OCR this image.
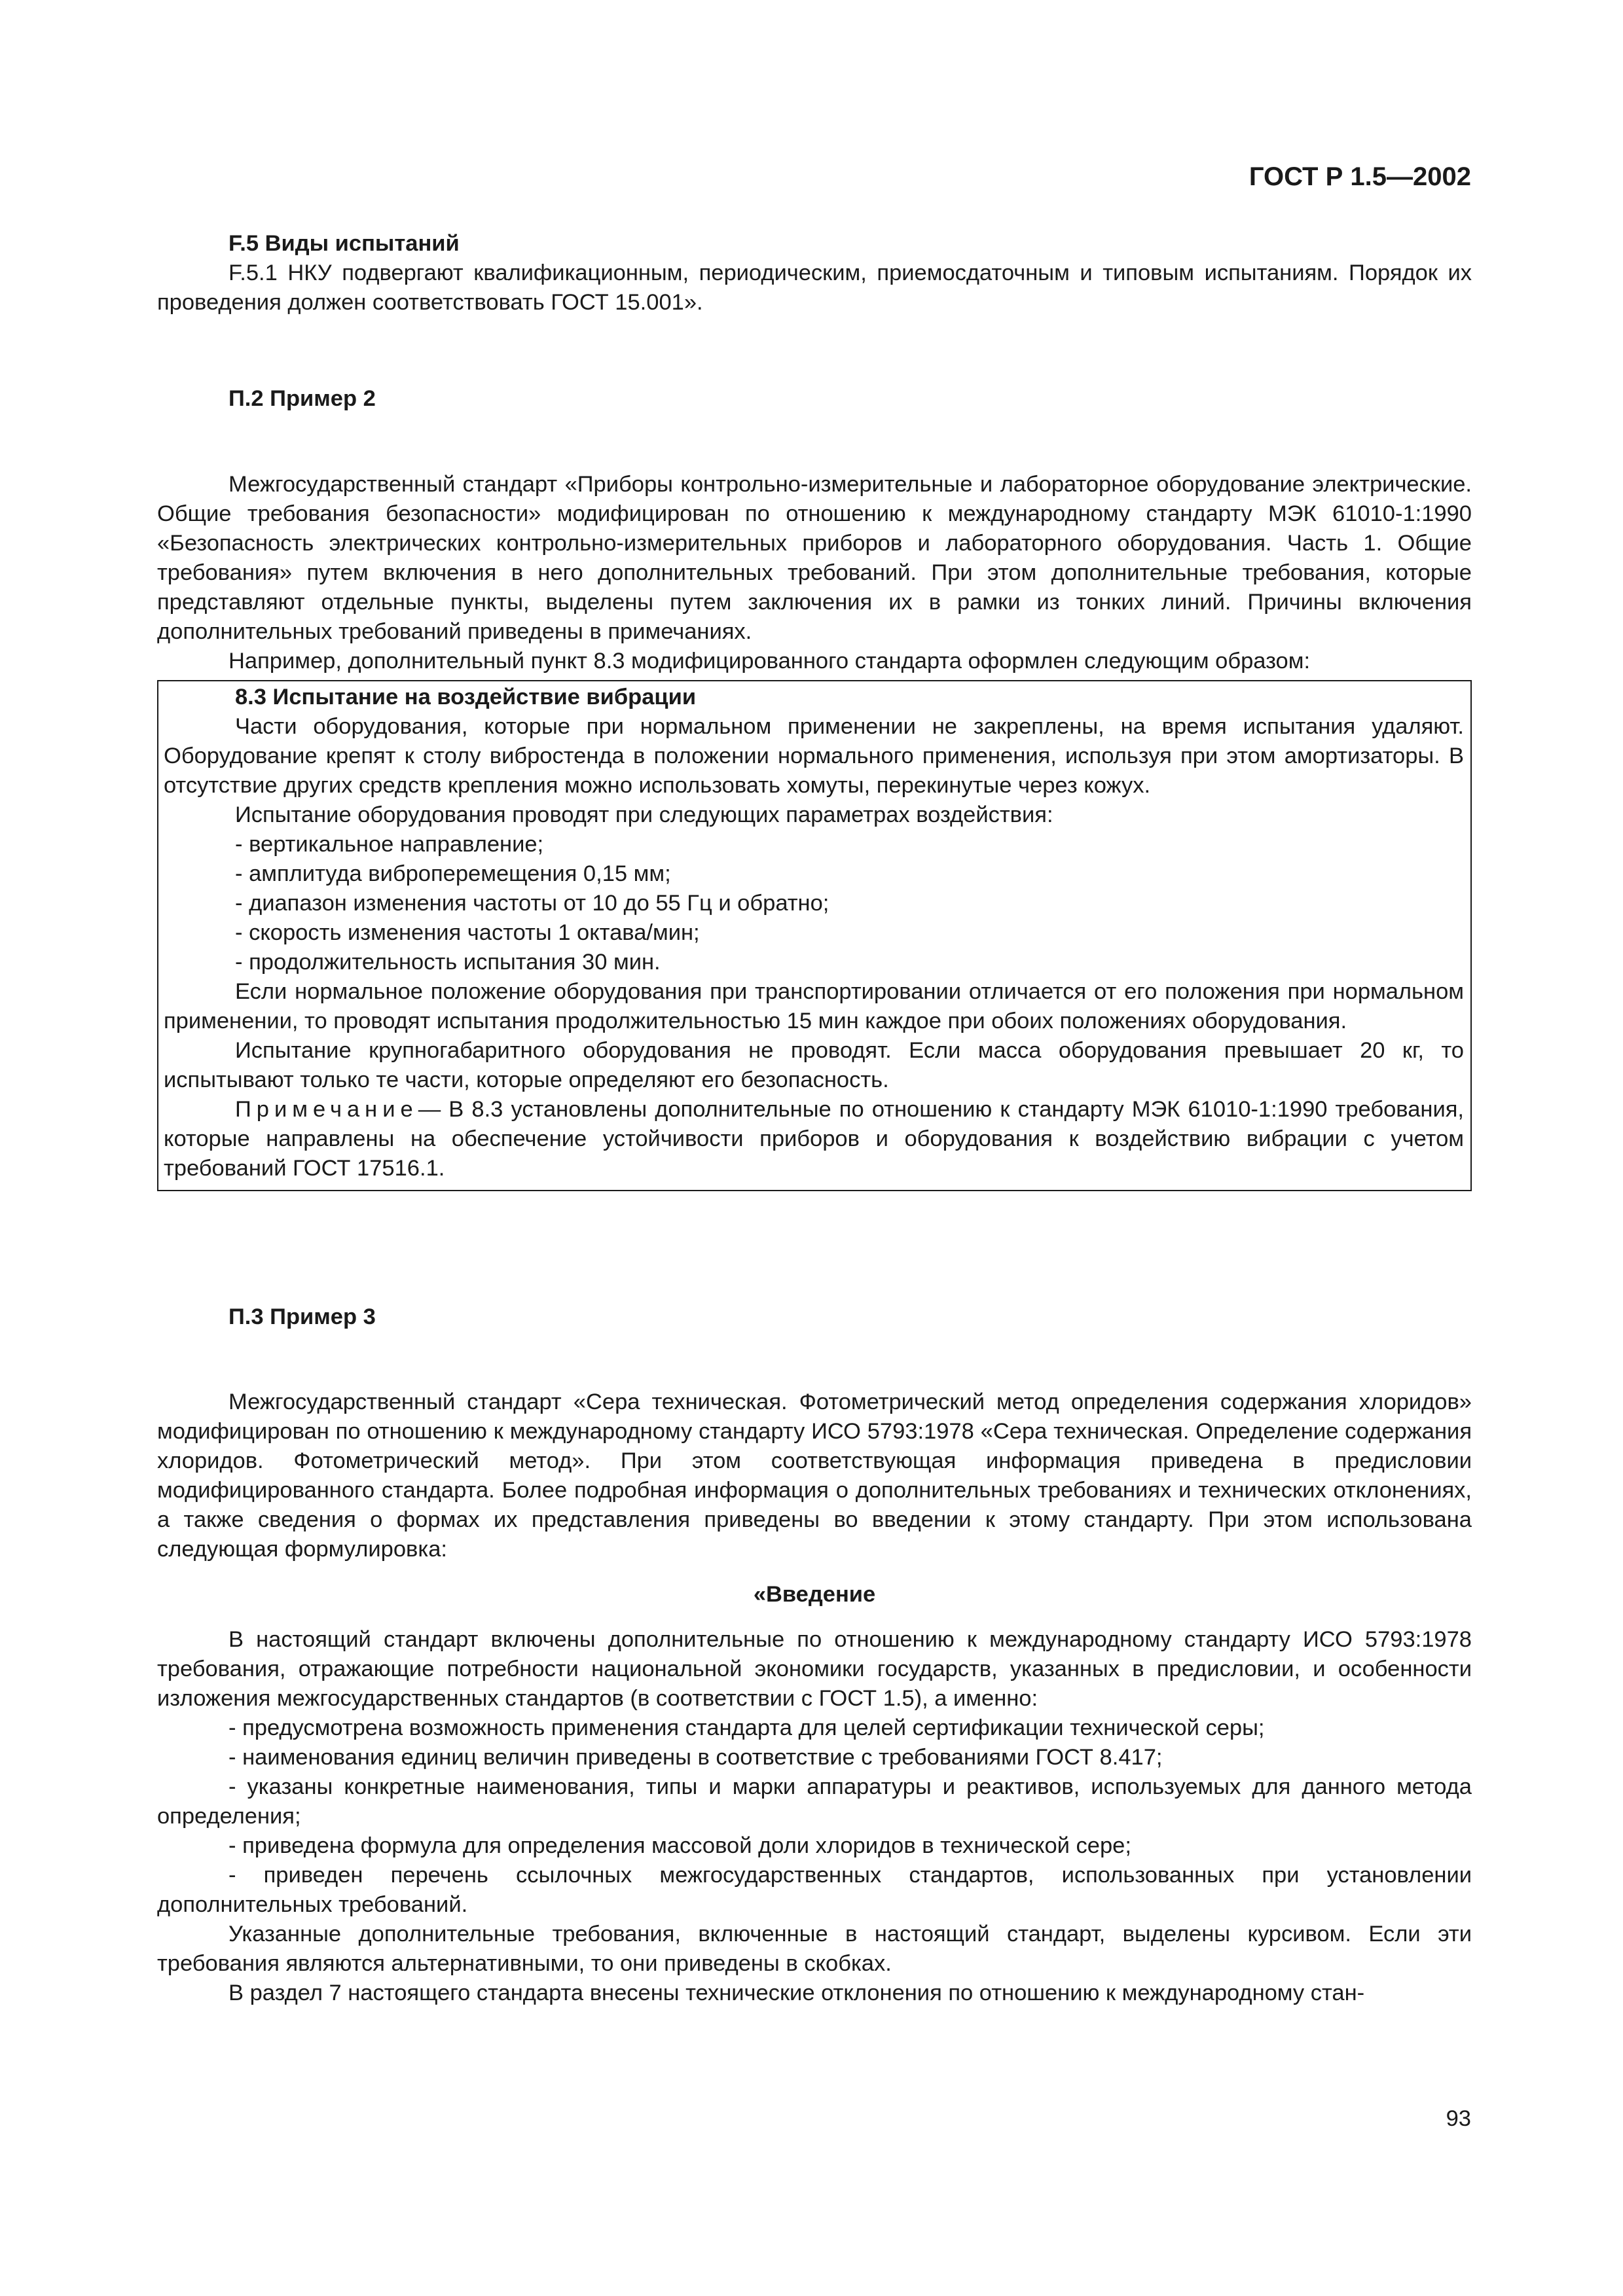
ГОСТ Р 1.5—2002
F.5 Виды испытаний

F.5.1 НКУ подвергают квалификационным, периодическим, приемосдаточным и типовым испытаниям. Порядок их проведения должен соответствовать ГОСТ 15.001».

П.2 Пример 2

Межгосударственный стандарт «Приборы контрольно-измерительные и лабораторное оборудование электрические. Общие требования безопасности» модифицирован по отношению к международному стандарту МЭК 61010-1:1990 «Безопасность электрических контрольно-измерительных приборов и лабораторного оборудования. Часть 1. Общие требования» путем включения в него дополнительных требований. При этом дополнительные требования, которые представляют отдельные пункты, выделены путем заключения их в рамки из тонких линий. Причины включения дополнительных требований приведены в примечаниях.

Например, дополнительный пункт 8.3 модифицированного стандарта оформлен следующим образом:

8.3 Испытание на воздействие вибрации

Части оборудования, которые при нормальном применении не закреплены, на время испытания удаляют. Оборудование крепят к столу вибростенда в положении нормального применения, используя при этом амортизаторы. В отсутствие других средств крепления можно использовать хомуты, перекинутые через кожух.

Испытание оборудования проводят при следующих параметрах воздействия:

- вертикальное направление;

- амплитуда виброперемещения 0,15 мм;

- диапазон изменения частоты от 10 до 55 Гц и обратно;

- скорость изменения частоты 1 октава/мин;

- продолжительность испытания 30 мин.

Если нормальное положение оборудования при транспортировании отличается от его положения при нормальном применении, то проводят испытания продолжительностью 15 мин каждое при обоих положениях оборудования.

Испытание крупногабаритного оборудования не проводят. Если масса оборудования превышает 20 кг, то испытывают только те части, которые определяют его безопасность.

Примечание— В 8.3 установлены дополнительные по отношению к стандарту МЭК 61010-1:1990 требования, которые направлены на обеспечение устойчивости приборов и оборудования к воздействию вибрации с учетом требований ГОСТ 17516.1.

П.3 Пример 3

Межгосударственный стандарт «Сера техническая. Фотометрический метод определения содержания хлоридов» модифицирован по отношению к международному стандарту ИСО 5793:1978 «Сера техническая. Определение содержания хлоридов. Фотометрический метод». При этом соответствующая информация приведена в предисловии модифицированного стандарта. Более подробная информация о дополнительных требованиях и технических отклонениях, а также сведения о формах их представления приведены во введении к этому стандарту. При этом использована следующая формулировка:

«Введение

В настоящий стандарт включены дополнительные по отношению к международному стандарту ИСО 5793:1978 требования, отражающие потребности национальной экономики государств, указанных в предисловии, и особенности изложения межгосударственных стандартов (в соответствии с ГОСТ 1.5), а именно:

- предусмотрена возможность применения стандарта для целей сертификации технической серы;

- наименования единиц величин приведены в соответствие с требованиями ГОСТ 8.417;

- указаны конкретные наименования, типы и марки аппаратуры и реактивов, используемых для данного метода определения;

- приведена формула для определения массовой доли хлоридов в технической сере;

- приведен перечень ссылочных межгосударственных стандартов, использованных при установлении дополнительных требований.

Указанные дополнительные требования, включенные в настоящий стандарт, выделены курсивом. Если эти требования являются альтернативными, то они приведены в скобках.

В раздел 7 настоящего стандарта внесены технические отклонения по отношению к международному стан-

93
